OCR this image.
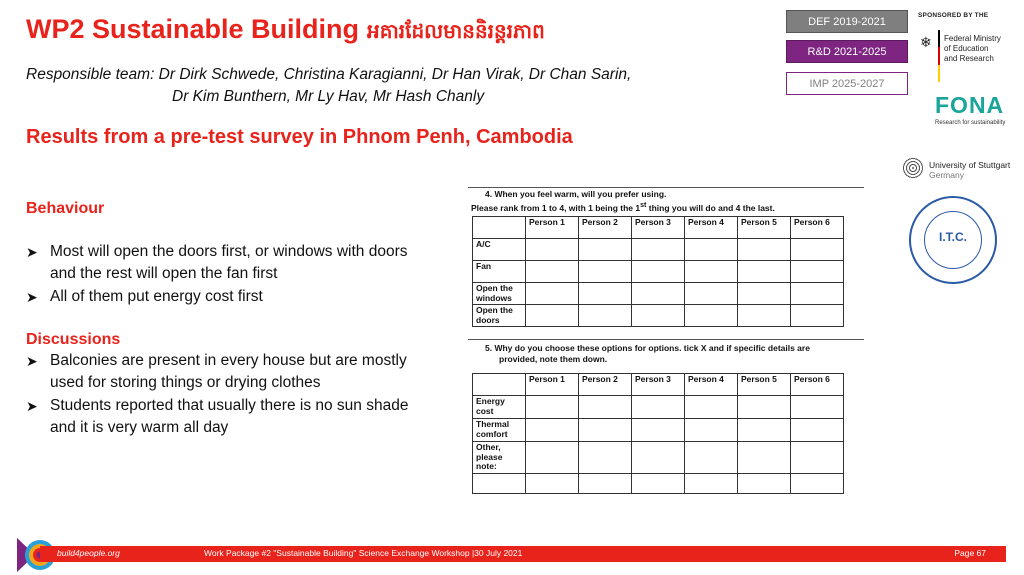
WP2 Sustainable Building អគារដែលមាននិរន្តរភាព
Responsible team: Dr Dirk Schwede, Christina Karagianni, Dr Han Virak, Dr Chan Sarin,
Dr Kim Bunthern, Mr Ly Hav, Mr Hash Chanly
Results from a pre-test survey in Phnom Penh, Cambodia
Behaviour
➤ Most will open the doors first, or windows with doors and the rest will open the fan first
➤ All of them put energy cost first
Discussions
➤ Balconies are present in every house but are mostly used for storing things or drying clothes
➤ Students reported that usually there is no sun shade and it is very warm all day
DEF 2019-2021
R&D 2021-2025
IMP 2025-2027
SPONSORED BY THE
❄ Federal Ministry
of Education
and Research
FONA
Research for sustainability
University of Stuttgart
Germany
I.T.C.
4. When you feel warm, will you prefer using.
Please rank from 1 to 4, with 1 being the 1st thing you will do and 4 the last.
	Person 1	Person 2	Person 3	Person 4	Person 5	Person 6
A/C						
Fan						
Open the windows						
Open the doors						
5. Why do you choose these options for options. tick X and if specific details are
provided, note them down.
	Person 1	Person 2	Person 3	Person 4	Person 5	Person 6
Energy cost						
Thermal comfort						
Other, please note:						

build4people.org	Work Package #2 "Sustainable Building" Science Exchange Workshop |30 July 2021	Page 67
